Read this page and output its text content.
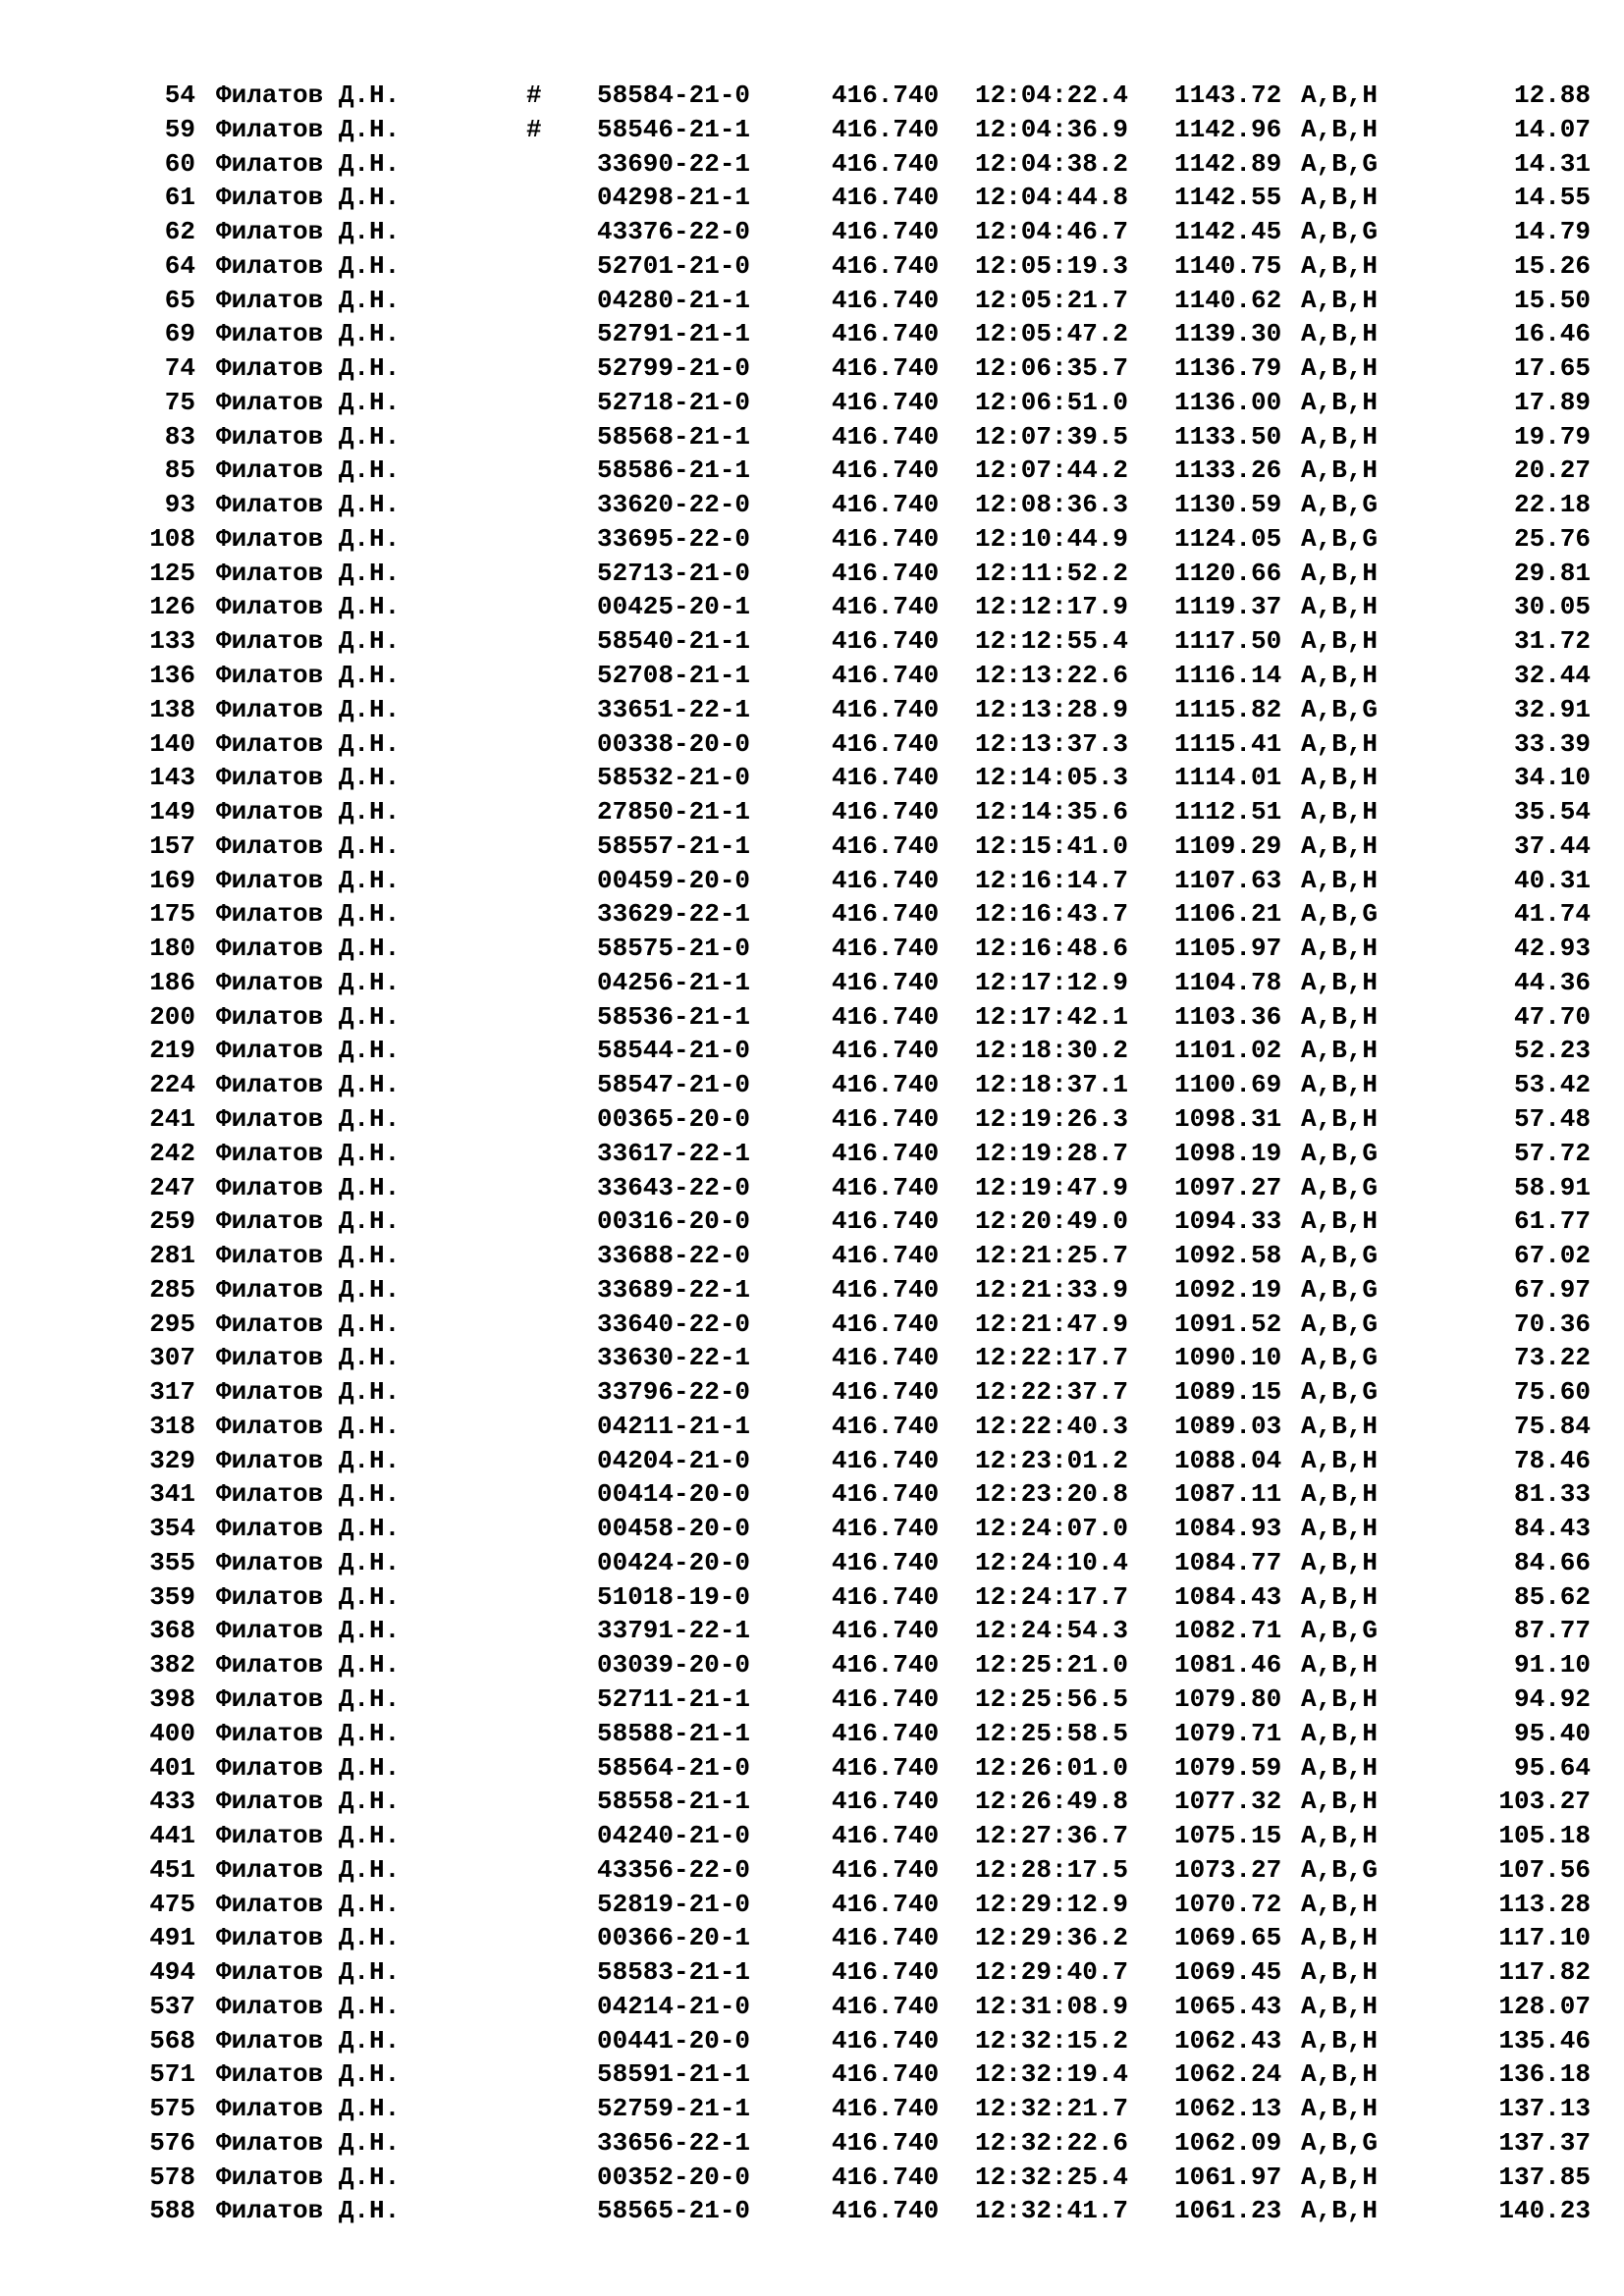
54 Филатов Д.Н.	# 58584-21-0	416.740 12:04:22.4 1143.72 A,B,H	12.88
59 Филатов Д.Н.	# 58546-21-1	416.740 12:04:36.9 1142.96 A,B,H	14.07
60 Филатов Д.Н.	33690-22-1	416.740 12:04:38.2 1142.89 A,B,G	14.31
61 Филатов Д.Н.	04298-21-1	416.740 12:04:44.8 1142.55 A,B,H	14.55
62 Филатов Д.Н.	43376-22-0	416.740 12:04:46.7 1142.45 A,B,G	14.79
64 Филатов Д.Н.	52701-21-0	416.740 12:05:19.3 1140.75 A,B,H	15.26
65 Филатов Д.Н.	04280-21-1	416.740 12:05:21.7 1140.62 A,B,H	15.50
69 Филатов Д.Н.	52791-21-1	416.740 12:05:47.2 1139.30 A,B,H	16.46
74 Филатов Д.Н.	52799-21-0	416.740 12:06:35.7 1136.79 A,B,H	17.65
75 Филатов Д.Н.	52718-21-0	416.740 12:06:51.0 1136.00 A,B,H	17.89
83 Филатов Д.Н.	58568-21-1	416.740 12:07:39.5 1133.50 A,B,H	19.79
85 Филатов Д.Н.	58586-21-1	416.740 12:07:44.2 1133.26 A,B,H	20.27
93 Филатов Д.Н.	33620-22-0	416.740 12:08:36.3 1130.59 A,B,G	22.18
108 Филатов Д.Н.	33695-22-0	416.740 12:10:44.9 1124.05 A,B,G	25.76
125 Филатов Д.Н.	52713-21-0	416.740 12:11:52.2 1120.66 A,B,H	29.81
126 Филатов Д.Н.	00425-20-1	416.740 12:12:17.9 1119.37 A,B,H	30.05
133 Филатов Д.Н.	58540-21-1	416.740 12:12:55.4 1117.50 A,B,H	31.72
136 Филатов Д.Н.	52708-21-1	416.740 12:13:22.6 1116.14 A,B,H	32.44
138 Филатов Д.Н.	33651-22-1	416.740 12:13:28.9 1115.82 A,B,G	32.91
140 Филатов Д.Н.	00338-20-0	416.740 12:13:37.3 1115.41 A,B,H	33.39
143 Филатов Д.Н.	58532-21-0	416.740 12:14:05.3 1114.01 A,B,H	34.10
149 Филатов Д.Н.	27850-21-1	416.740 12:14:35.6 1112.51 A,B,H	35.54
157 Филатов Д.Н.	58557-21-1	416.740 12:15:41.0 1109.29 A,B,H	37.44
169 Филатов Д.Н.	00459-20-0	416.740 12:16:14.7 1107.63 A,B,H	40.31
175 Филатов Д.Н.	33629-22-1	416.740 12:16:43.7 1106.21 A,B,G	41.74
180 Филатов Д.Н.	58575-21-0	416.740 12:16:48.6 1105.97 A,B,H	42.93
186 Филатов Д.Н.	04256-21-1	416.740 12:17:12.9 1104.78 A,B,H	44.36
200 Филатов Д.Н.	58536-21-1	416.740 12:17:42.1 1103.36 A,B,H	47.70
219 Филатов Д.Н.	58544-21-0	416.740 12:18:30.2 1101.02 A,B,H	52.23
224 Филатов Д.Н.	58547-21-0	416.740 12:18:37.1 1100.69 A,B,H	53.42
241 Филатов Д.Н.	00365-20-0	416.740 12:19:26.3 1098.31 A,B,H	57.48
242 Филатов Д.Н.	33617-22-1	416.740 12:19:28.7 1098.19 A,B,G	57.72
247 Филатов Д.Н.	33643-22-0	416.740 12:19:47.9 1097.27 A,B,G	58.91
259 Филатов Д.Н.	00316-20-0	416.740 12:20:49.0 1094.33 A,B,H	61.77
281 Филатов Д.Н.	33688-22-0	416.740 12:21:25.7 1092.58 A,B,G	67.02
285 Филатов Д.Н.	33689-22-1	416.740 12:21:33.9 1092.19 A,B,G	67.97
295 Филатов Д.Н.	33640-22-0	416.740 12:21:47.9 1091.52 A,B,G	70.36
307 Филатов Д.Н.	33630-22-1	416.740 12:22:17.7 1090.10 A,B,G	73.22
317 Филатов Д.Н.	33796-22-0	416.740 12:22:37.7 1089.15 A,B,G	75.60
318 Филатов Д.Н.	04211-21-1	416.740 12:22:40.3 1089.03 A,B,H	75.84
329 Филатов Д.Н.	04204-21-0	416.740 12:23:01.2 1088.04 A,B,H	78.46
341 Филатов Д.Н.	00414-20-0	416.740 12:23:20.8 1087.11 A,B,H	81.33
354 Филатов Д.Н.	00458-20-0	416.740 12:24:07.0 1084.93 A,B,H	84.43
355 Филатов Д.Н.	00424-20-0	416.740 12:24:10.4 1084.77 A,B,H	84.66
359 Филатов Д.Н.	51018-19-0	416.740 12:24:17.7 1084.43 A,B,H	85.62
368 Филатов Д.Н.	33791-22-1	416.740 12:24:54.3 1082.71 A,B,G	87.77
382 Филатов Д.Н.	03039-20-0	416.740 12:25:21.0 1081.46 A,B,H	91.10
398 Филатов Д.Н.	52711-21-1	416.740 12:25:56.5 1079.80 A,B,H	94.92
400 Филатов Д.Н.	58588-21-1	416.740 12:25:58.5 1079.71 A,B,H	95.40
401 Филатов Д.Н.	58564-21-0	416.740 12:26:01.0 1079.59 A,B,H	95.64
433 Филатов Д.Н.	58558-21-1	416.740 12:26:49.8 1077.32 A,B,H	103.27
441 Филатов Д.Н.	04240-21-0	416.740 12:27:36.7 1075.15 A,B,H	105.18
451 Филатов Д.Н.	43356-22-0	416.740 12:28:17.5 1073.27 A,B,G	107.56
475 Филатов Д.Н.	52819-21-0	416.740 12:29:12.9 1070.72 A,B,H	113.28
491 Филатов Д.Н.	00366-20-1	416.740 12:29:36.2 1069.65 A,B,H	117.10
494 Филатов Д.Н.	58583-21-1	416.740 12:29:40.7 1069.45 A,B,H	117.82
537 Филатов Д.Н.	04214-21-0	416.740 12:31:08.9 1065.43 A,B,H	128.07
568 Филатов Д.Н.	00441-20-0	416.740 12:32:15.2 1062.43 A,B,H	135.46
571 Филатов Д.Н.	58591-21-1	416.740 12:32:19.4 1062.24 A,B,H	136.18
575 Филатов Д.Н.	52759-21-1	416.740 12:32:21.7 1062.13 A,B,H	137.13
576 Филатов Д.Н.	33656-22-1	416.740 12:32:22.6 1062.09 A,B,G	137.37
578 Филатов Д.Н.	00352-20-0	416.740 12:32:25.4 1061.97 A,B,H	137.85
588 Филатов Д.Н.	58565-21-0	416.740 12:32:41.7 1061.23 A,B,H	140.23
